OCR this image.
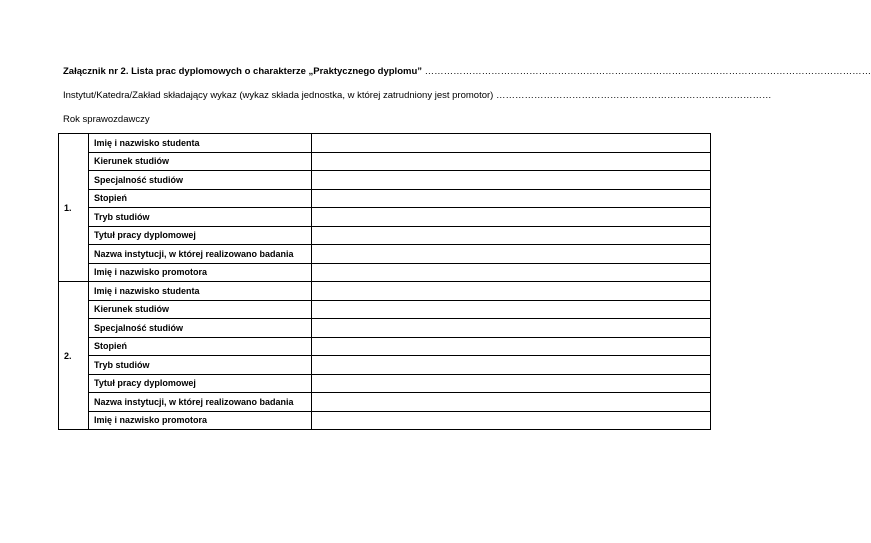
Załącznik nr 2. Lista prac dyplomowych o charakterze „Praktycznego dyplomu” ……………………………………………………………………………………………………………………………
Instytut/Katedra/Zakład składający wykaz (wykaz składa jednostka, w której zatrudniony jest promotor) ……………………………………………………………………………
Rok sprawozdawczy
1.	Imię i nazwisko studenta	
	Kierunek studiów	
	Specjalność studiów	
	Stopień	
	Tryb studiów	
	Tytuł pracy dyplomowej	
	Nazwa instytucji, w której realizowano badania	
	Imię i nazwisko promotora	
2.	Imię i nazwisko studenta	
	Kierunek studiów	
	Specjalność studiów	
	Stopień	
	Tryb studiów	
	Tytuł pracy dyplomowej	
	Nazwa instytucji, w której realizowano badania	
	Imię i nazwisko promotora	
